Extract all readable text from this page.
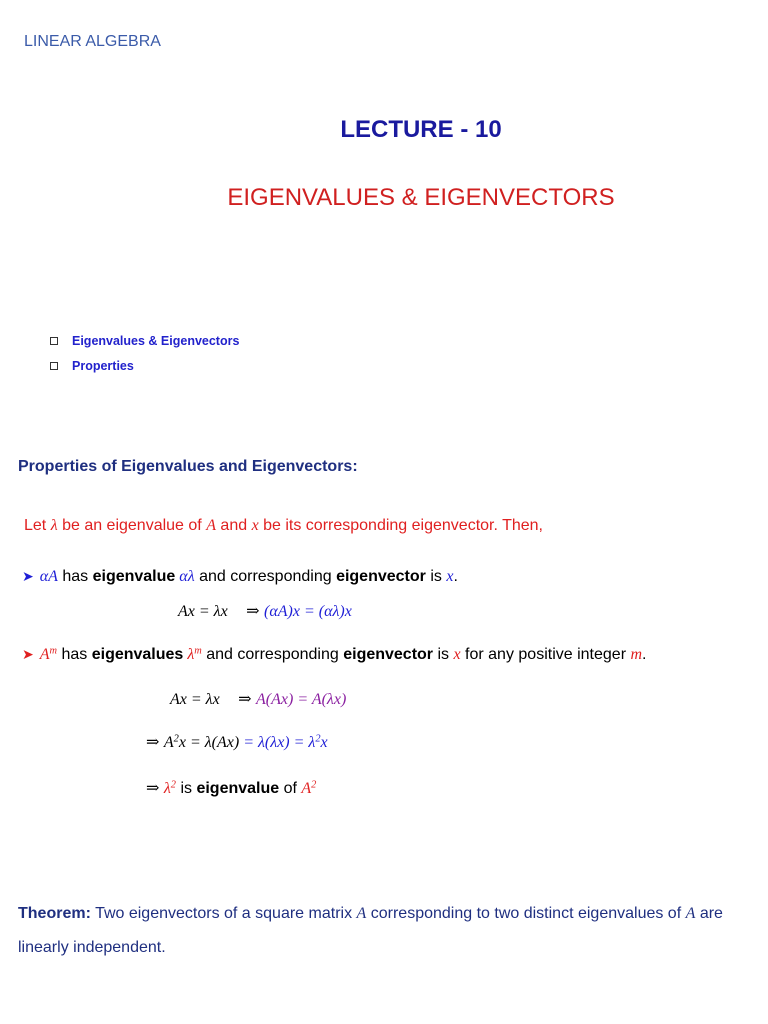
LINEAR ALGEBRA
LECTURE - 10
EIGENVALUES & EIGENVECTORS
Eigenvalues & Eigenvectors
Properties
Properties of Eigenvalues and Eigenvectors:
Let λ be an eigenvalue of A and x be its corresponding eigenvector. Then,
➤ αA has eigenvalue αλ and corresponding eigenvector is x .
Ax = λx ⇒ (αA)x = (αλ)x
➤ $A^m$ has eigenvalues $\lambda^m$ and corresponding eigenvector is x for any positive integer m .
Ax = λx ⇒ A(Ax) = A(λx)
⇒ $A^2x = \lambda(Ax) = \lambda(\lambda x) = \lambda^2x$
⇒ $\lambda^2$ is eigenvalue of $A^2$
Theorem: Two eigenvectors of a square matrix A corresponding to two distinct eigenvalues of A are linearly independent.
